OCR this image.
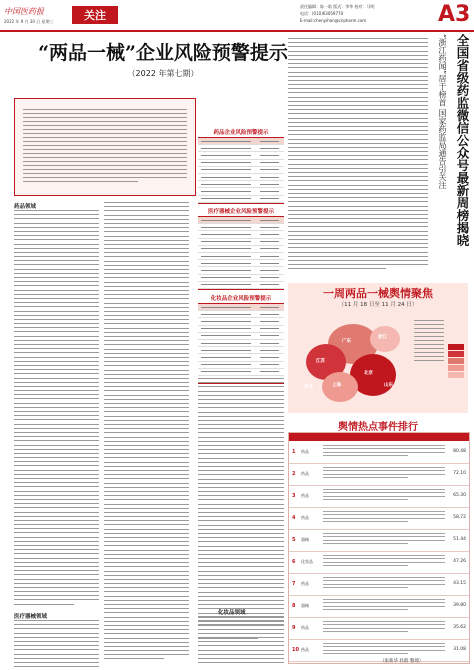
中国医药报
2022 年 9 月 30 日 星期三	关注
责任编辑：陈一晗 版式：李华 校对：马明
电话：(010)63059770
E-mail:chenyihan@cnpharm.com	A3
“两品一械”企业风险预警提示
（2022 年第七期）
药品领域
医疗器械领域
药品企业风险预警提示
医疗器械企业风险预警提示
化妆品企业风险预警提示
化妆品领域
“浙江药闻”居于榜首 国家药监局通告引关注 全国省级药监微信公众号最新周榜揭晓
一周两品一械舆情聚焦
（11 月 18 日至 11 月 24 日）
广东
江苏
北京
上海
浙江
山东
河北
舆情热点事件排行
1 药品	80.48
2 药品	72.10
3 药品	65.30
4 药品	58.72
5 器械	51.44
6 化妆品	47.26
7 药品	43.15
8 器械	39.80
9 药品	35.62
10 药品	31.08
（张新华 杜蔚 整理）
